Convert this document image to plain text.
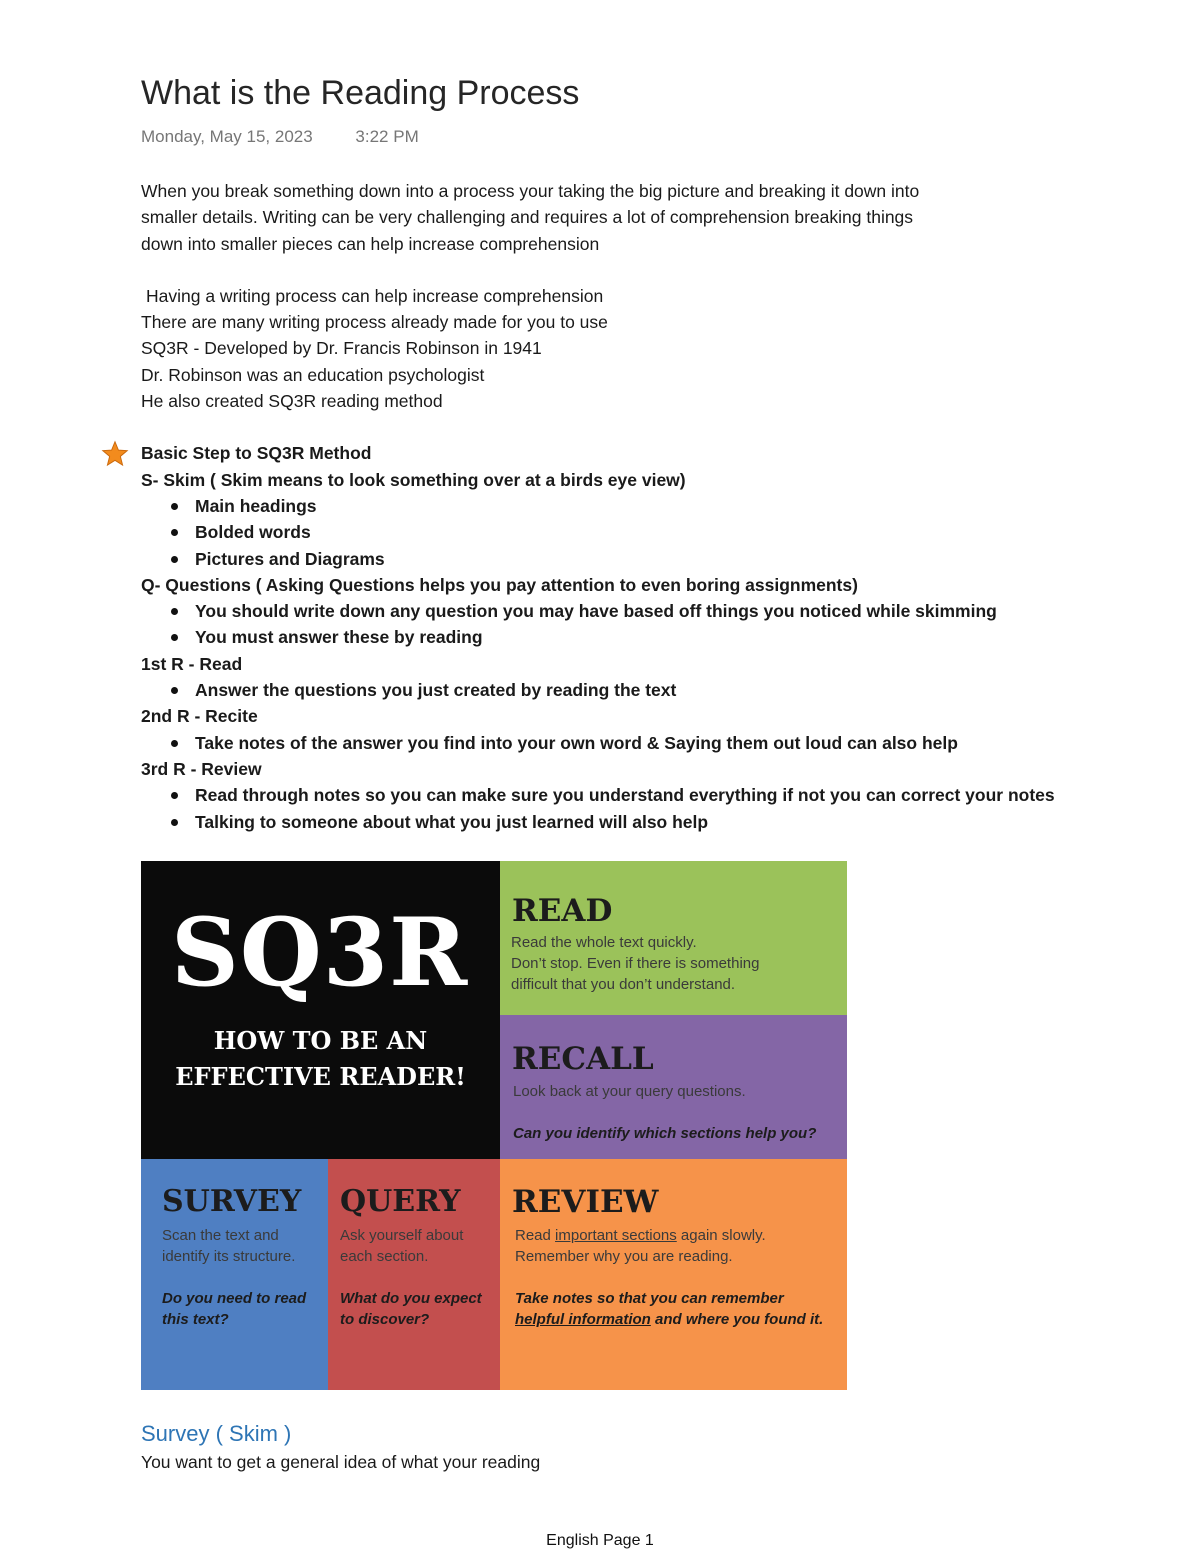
What is the Reading Process
Monday, May 15, 2023	3:22 PM

When you break something down into a process your taking the big picture and breaking it down into

smaller details. Writing can be very challenging and requires a lot of comprehension breaking things

down into smaller pieces can help increase comprehension

Having a writing process can help increase comprehension

There are many writing process already made for you to use

SQ3R - Developed by Dr. Francis Robinson in 1941

Dr. Robinson was an education psychologist

He also created SQ3R reading method

Basic Step to SQ3R Method

S- Skim ( Skim means to look something over at a birds eye view)

Main headings
Bolded words
Pictures and Diagrams

Q- Questions ( Asking Questions helps you pay attention to even boring assignments)

You should write down any question you may have based off things you noticed while skimming
You must answer these by reading

1st R - Read

Answer the questions you just created by reading the text

2nd R - Recite

Take notes of the answer you find into your own word & Saying them out loud can also help

3rd R - Review

Read through notes so you can make sure you understand everything if not you can correct your notes
Talking to someone about what you just learned will also help
SQ3R
HOW TO BE AN
EFFECTIVE READER!
READ
Read the whole text quickly.
Don’t stop. Even if there is something
difficult that you don’t understand.
RECALL
Look back at your query questions.
Can you identify which sections help you?
SURVEY
Scan the text and
identify its structure.
Do you need to read
this text?
QUERY
Ask yourself about
each section.
What do you expect
to discover?
REVIEW
Read important sections again slowly.
Remember why you are reading.
Take notes so that you can remember
helpful information and where you found it.
Survey ( Skim )
You want to get a general idea of what your reading
English Page 1
